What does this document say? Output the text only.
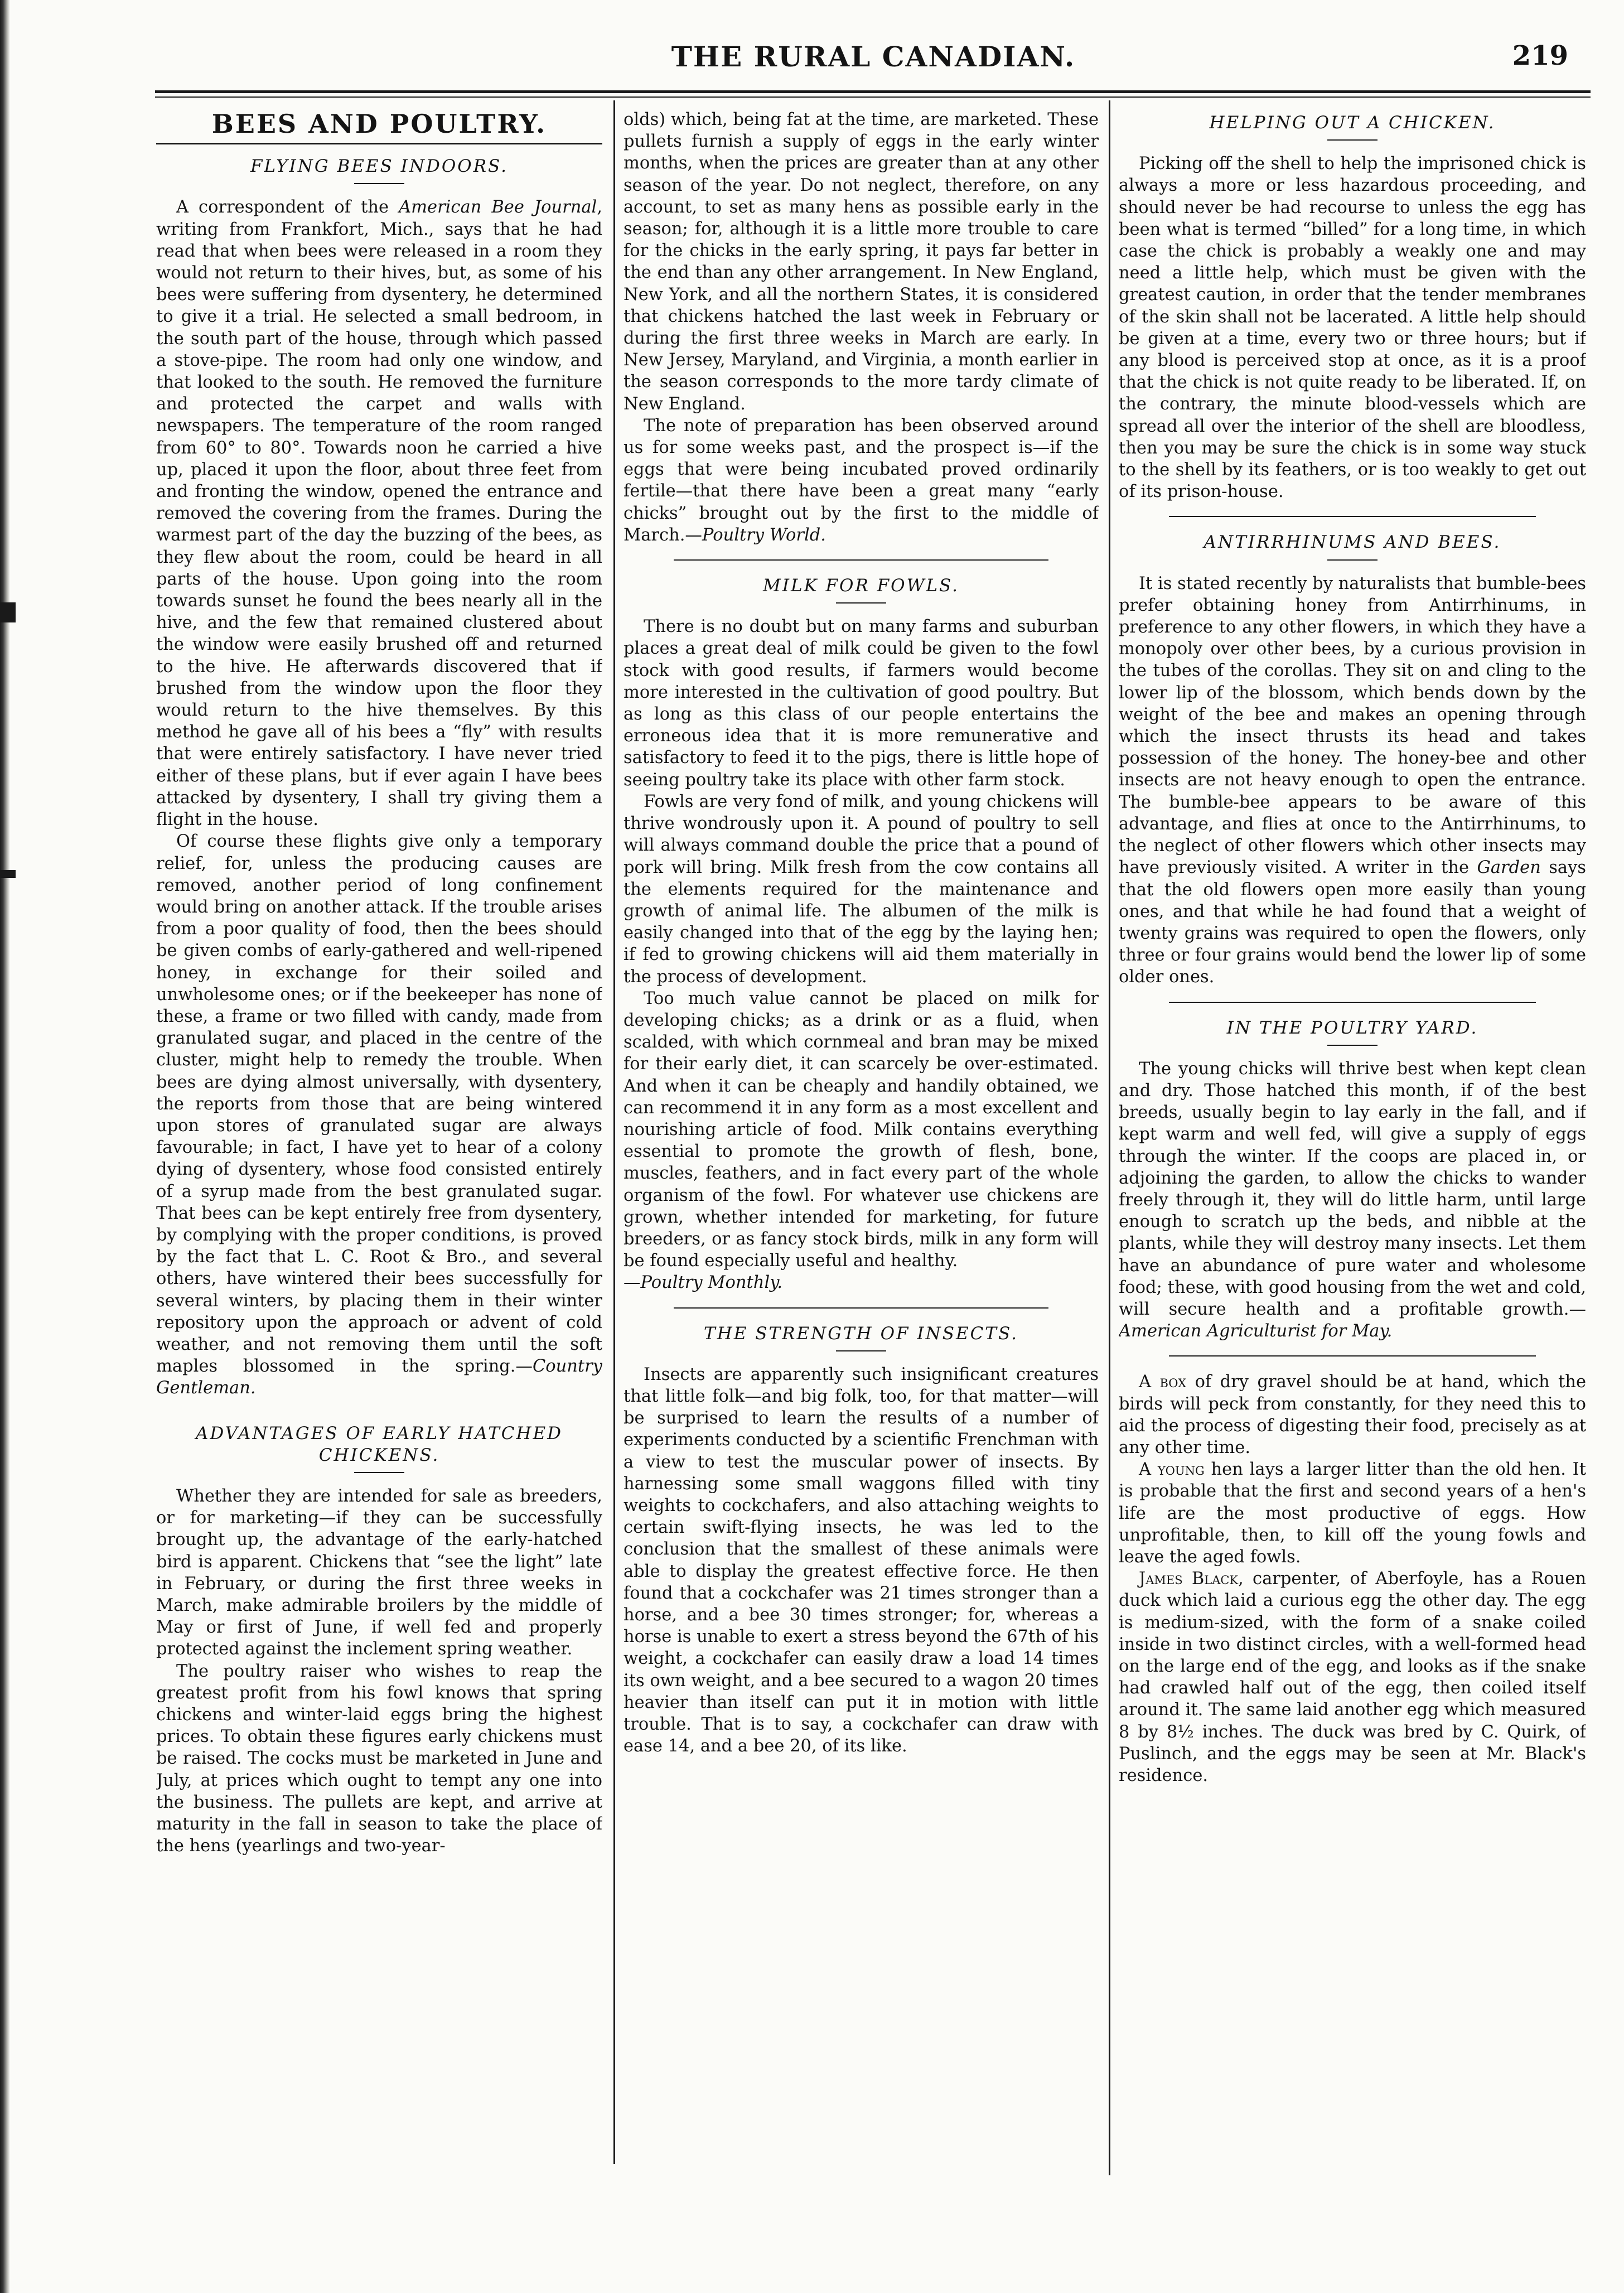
THE RURAL CANADIAN.	219
BEES AND POULTRY.
FLYING BEES INDOORS.

A correspondent of the American Bee Journal, writing from Frankfort, Mich., says that he had read that when bees were released in a room they would not return to their hives, but, as some of his bees were suffering from dysentery, he determined to give it a trial. He selected a small bedroom, in the south part of the house, through which passed a stove-pipe. The room had only one window, and that looked to the south. He removed the furniture and protected the carpet and walls with newspapers. The temperature of the room ranged from 60° to 80°. Towards noon he carried a hive up, placed it upon the floor, about three feet from and fronting the window, opened the entrance and removed the covering from the frames. During the warmest part of the day the buzzing of the bees, as they flew about the room, could be heard in all parts of the house. Upon going into the room towards sunset he found the bees nearly all in the hive, and the few that remained clustered about the window were easily brushed off and returned to the hive. He afterwards discovered that if brushed from the window upon the floor they would return to the hive themselves. By this method he gave all of his bees a “fly” with results that were entirely satisfactory. I have never tried either of these plans, but if ever again I have bees attacked by dysentery, I shall try giving them a flight in the house.

Of course these flights give only a temporary relief, for, unless the producing causes are removed, another period of long confinement would bring on another attack. If the trouble arises from a poor quality of food, then the bees should be given combs of early-gathered and well-ripened honey, in exchange for their soiled and unwholesome ones; or if the beekeeper has none of these, a frame or two filled with candy, made from granulated sugar, and placed in the centre of the cluster, might help to remedy the trouble. When bees are dying almost universally, with dysentery, the reports from those that are being wintered upon stores of granulated sugar are always favourable; in fact, I have yet to hear of a colony dying of dysentery, whose food consisted entirely of a syrup made from the best granulated sugar. That bees can be kept entirely free from dysentery, by complying with the proper conditions, is proved by the fact that L. C. Root & Bro., and several others, have wintered their bees successfully for several winters, by placing them in their winter repository upon the approach or advent of cold weather, and not removing them until the soft maples blossomed in the spring.—Country Gentleman.

ADVANTAGES OF EARLY HATCHED CHICKENS.

Whether they are intended for sale as breeders, or for marketing—if they can be successfully brought up, the advantage of the early-hatched bird is apparent. Chickens that “see the light” late in February, or during the first three weeks in March, make admirable broilers by the middle of May or first of June, if well fed and properly protected against the inclement spring weather.

The poultry raiser who wishes to reap the greatest profit from his fowl knows that spring chickens and winter-laid eggs bring the highest prices. To obtain these figures early chickens must be raised. The cocks must be marketed in June and July, at prices which ought to tempt any one into the business. The pullets are kept, and arrive at maturity in the fall in season to take the place of the hens (yearlings and two-year-

olds) which, being fat at the time, are marketed. These pullets furnish a supply of eggs in the early winter months, when the prices are greater than at any other season of the year. Do not neglect, therefore, on any account, to set as many hens as possible early in the season; for, although it is a little more trouble to care for the chicks in the early spring, it pays far better in the end than any other arrangement. In New England, New York, and all the northern States, it is considered that chickens hatched the last week in February or during the first three weeks in March are early. In New Jersey, Maryland, and Virginia, a month earlier in the season corresponds to the more tardy climate of New England.

The note of preparation has been observed around us for some weeks past, and the prospect is—if the eggs that were being incubated proved ordinarily fertile—that there have been a great many “early chicks” brought out by the first to the middle of March.—Poultry World.

MILK FOR FOWLS.

There is no doubt but on many farms and suburban places a great deal of milk could be given to the fowl stock with good results, if farmers would become more interested in the cultivation of good poultry. But as long as this class of our people entertains the erroneous idea that it is more remunerative and satisfactory to feed it to the pigs, there is little hope of seeing poultry take its place with other farm stock.

Fowls are very fond of milk, and young chickens will thrive wondrously upon it. A pound of poultry to sell will always command double the price that a pound of pork will bring. Milk fresh from the cow contains all the elements required for the maintenance and growth of animal life. The albumen of the milk is easily changed into that of the egg by the laying hen; if fed to growing chickens will aid them materially in the process of development.

Too much value cannot be placed on milk for developing chicks; as a drink or as a fluid, when scalded, with which cornmeal and bran may be mixed for their early diet, it can scarcely be over-estimated. And when it can be cheaply and handily obtained, we can recommend it in any form as a most excellent and nourishing article of food. Milk contains everything essential to promote the growth of flesh, bone, muscles, feathers, and in fact every part of the whole organism of the fowl. For whatever use chickens are grown, whether intended for marketing, for future breeders, or as fancy stock birds, milk in any form will be found especially useful and healthy.

—Poultry Monthly.

THE STRENGTH OF INSECTS.

Insects are apparently such insignificant creatures that little folk—and big folk, too, for that matter—will be surprised to learn the results of a number of experiments conducted by a scientific Frenchman with a view to test the muscular power of insects. By harnessing some small waggons filled with tiny weights to cockchafers, and also attaching weights to certain swift-flying insects, he was led to the conclusion that the smallest of these animals were able to display the greatest effective force. He then found that a cockchafer was 21 times stronger than a horse, and a bee 30 times stronger; for, whereas a horse is unable to exert a stress beyond the 67th of his weight, a cockchafer can easily draw a load 14 times its own weight, and a bee secured to a wagon 20 times heavier than itself can put it in motion with little trouble. That is to say, a cockchafer can draw with ease 14, and a bee 20, of its like.

HELPING OUT A CHICKEN.

Picking off the shell to help the imprisoned chick is always a more or less hazardous proceeding, and should never be had recourse to unless the egg has been what is termed “billed” for a long time, in which case the chick is probably a weakly one and may need a little help, which must be given with the greatest caution, in order that the tender membranes of the skin shall not be lacerated. A little help should be given at a time, every two or three hours; but if any blood is perceived stop at once, as it is a proof that the chick is not quite ready to be liberated. If, on the contrary, the minute blood-vessels which are spread all over the interior of the shell are bloodless, then you may be sure the chick is in some way stuck to the shell by its feathers, or is too weakly to get out of its prison-house.

ANTIRRHINUMS AND BEES.

It is stated recently by naturalists that bumble-bees prefer obtaining honey from Antirrhinums, in preference to any other flowers, in which they have a monopoly over other bees, by a curious provision in the tubes of the corollas. They sit on and cling to the lower lip of the blossom, which bends down by the weight of the bee and makes an opening through which the insect thrusts its head and takes possession of the honey. The honey-bee and other insects are not heavy enough to open the entrance. The bumble-bee appears to be aware of this advantage, and flies at once to the Antirrhinums, to the neglect of other flowers which other insects may have previously visited. A writer in the Garden says that the old flowers open more easily than young ones, and that while he had found that a weight of twenty grains was required to open the flowers, only three or four grains would bend the lower lip of some older ones.

IN THE POULTRY YARD.

The young chicks will thrive best when kept clean and dry. Those hatched this month, if of the best breeds, usually begin to lay early in the fall, and if kept warm and well fed, will give a supply of eggs through the winter. If the coops are placed in, or adjoining the garden, to allow the chicks to wander freely through it, they will do little harm, until large enough to scratch up the beds, and nibble at the plants, while they will destroy many insects. Let them have an abundance of pure water and wholesome food; these, with good housing from the wet and cold, will secure health and a profitable growth.—American Agriculturist for May.

A box of dry gravel should be at hand, which the birds will peck from constantly, for they need this to aid the process of digesting their food, precisely as at any other time.

A young hen lays a larger litter than the old hen. It is probable that the first and second years of a hen's life are the most productive of eggs. How unprofitable, then, to kill off the young fowls and leave the aged fowls.

James Black, carpenter, of Aberfoyle, has a Rouen duck which laid a curious egg the other day. The egg is medium-sized, with the form of a snake coiled inside in two distinct circles, with a well-formed head on the large end of the egg, and looks as if the snake had crawled half out of the egg, then coiled itself around it. The same laid another egg which measured 8 by 8½ inches. The duck was bred by C. Quirk, of Puslinch, and the eggs may be seen at Mr. Black's residence.
